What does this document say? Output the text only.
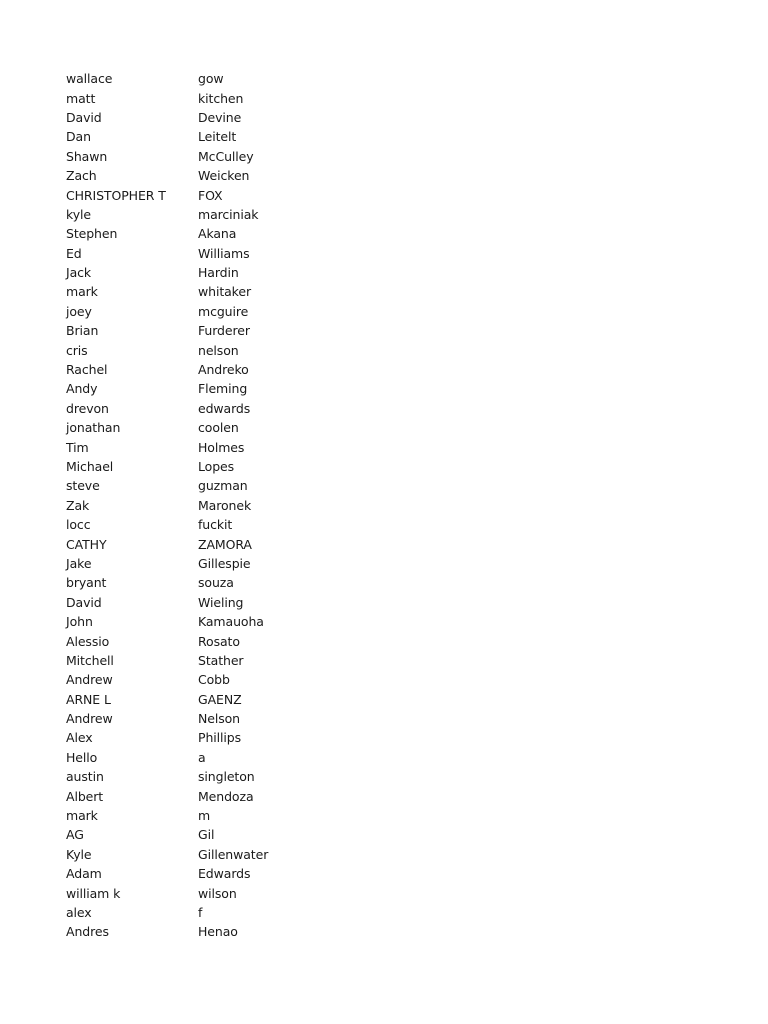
wallace	gow
matt	kitchen
David	Devine
Dan	Leitelt
Shawn	McCulley
Zach	Weicken
CHRISTOPHER T	FOX
kyle	marciniak
Stephen	Akana
Ed	Williams
Jack	Hardin
mark	whitaker
joey	mcguire
Brian	Furderer
cris	nelson
Rachel	Andreko
Andy	Fleming
drevon	edwards
jonathan	coolen
Tim	Holmes
Michael	Lopes
steve	guzman
Zak	Maronek
locc	fuckit
CATHY	ZAMORA
Jake	Gillespie
bryant	souza
David	Wieling
John	Kamauoha
Alessio	Rosato
Mitchell	Stather
Andrew	Cobb
ARNE L	GAENZ
Andrew	Nelson
Alex	Phillips
Hello	a
austin	singleton
Albert	Mendoza
mark	m
AG	Gil
Kyle	Gillenwater
Adam	Edwards
william k	wilson
alex	f
Andres	Henao
